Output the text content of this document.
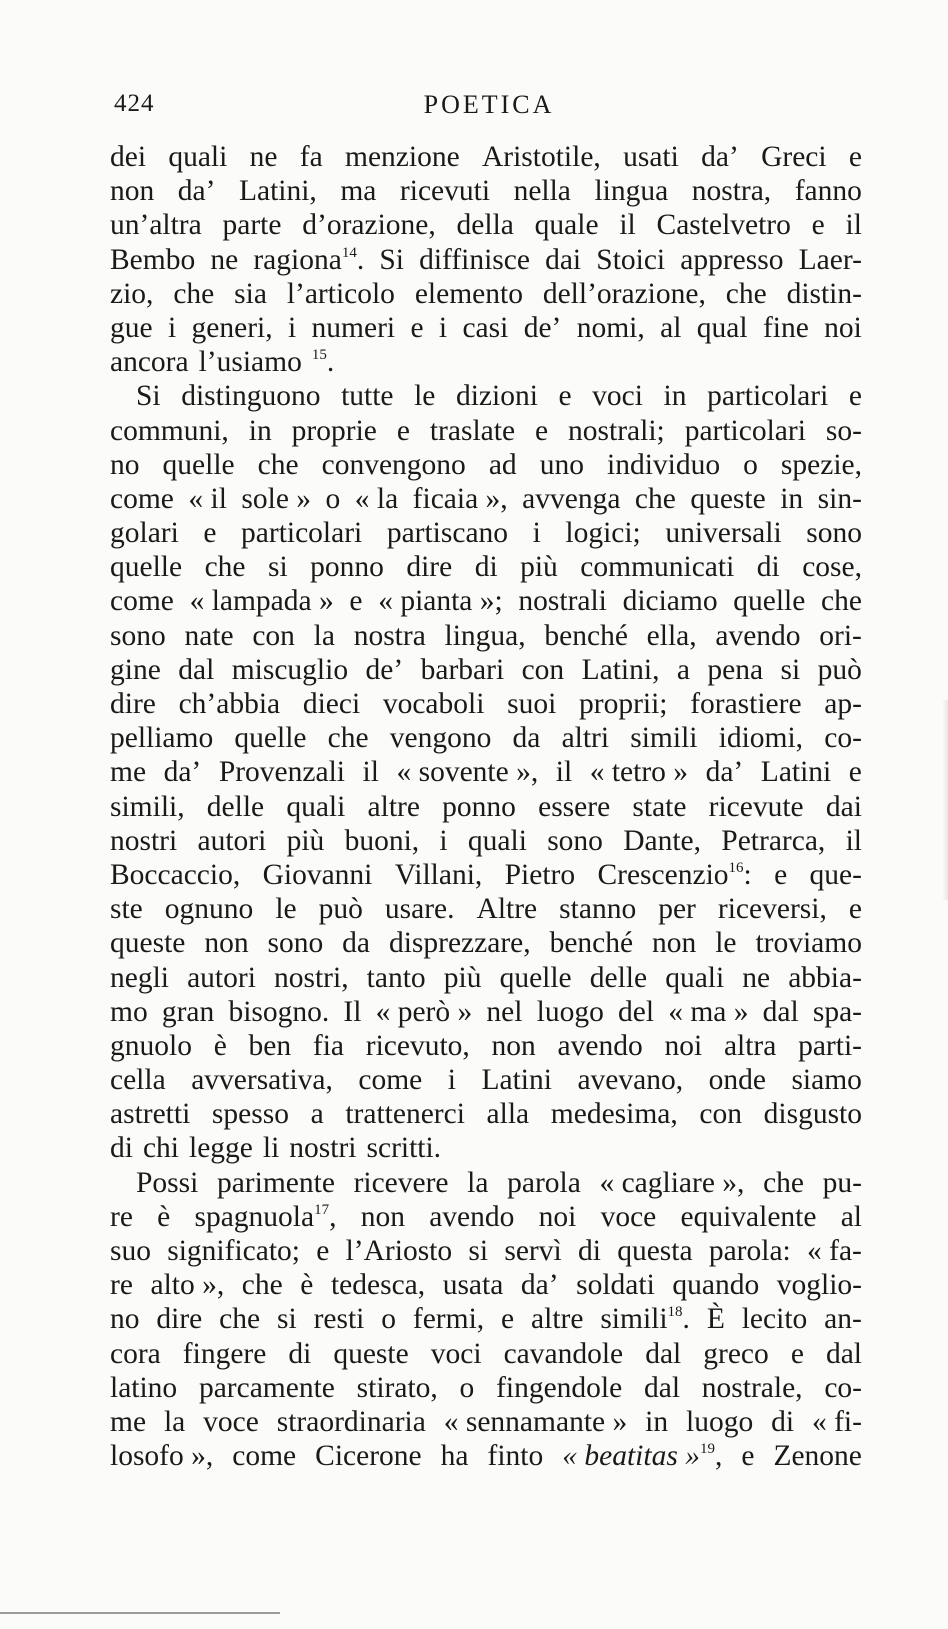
424	POETICA
dei quali ne fa menzione Aristotile, usati da’ Greci e
non da’ Latini, ma ricevuti nella lingua nostra, fanno
un’altra parte d’orazione, della quale il Castelvetro e il
Bembo ne ragiona$^{14}$. Si diffinisce dai Stoici appresso Laer-
zio, che sia l’articolo elemento dell’orazione, che distin-
gue i generi, i numeri e i casi de’ nomi, al qual fine noi
ancora l’usiamo $^{15}$.
Si distinguono tutte le dizioni e voci in particolari e
communi, in proprie e traslate e nostrali; particolari so-
no quelle che convengono ad uno individuo o spezie,
come « il sole » o « la ficaia », avvenga che queste in sin-
golari e particolari partiscano i logici; universali sono
quelle che si ponno dire di più communicati di cose,
come « lampada » e « pianta »; nostrali diciamo quelle che
sono nate con la nostra lingua, benché ella, avendo ori-
gine dal miscuglio de’ barbari con Latini, a pena si può
dire ch’abbia dieci vocaboli suoi proprii; forastiere ap-
pelliamo quelle che vengono da altri simili idiomi, co-
me da’ Provenzali il « sovente », il « tetro » da’ Latini e
simili, delle quali altre ponno essere state ricevute dai
nostri autori più buoni, i quali sono Dante, Petrarca, il
Boccaccio, Giovanni Villani, Pietro Crescenzio$^{16}$: e que-
ste ognuno le può usare. Altre stanno per riceversi, e
queste non sono da disprezzare, benché non le troviamo
negli autori nostri, tanto più quelle delle quali ne abbia-
mo gran bisogno. Il « però » nel luogo del « ma » dal spa-
gnuolo è ben fia ricevuto, non avendo noi altra parti-
cella avversativa, come i Latini avevano, onde siamo
astretti spesso a trattenerci alla medesima, con disgusto
di chi legge li nostri scritti.
Possi parimente ricevere la parola « cagliare », che pu-
re è spagnuola$^{17}$, non avendo noi voce equivalente al
suo significato; e l’Ariosto si servì di questa parola: « fa-
re alto », che è tedesca, usata da’ soldati quando voglio-
no dire che si resti o fermi, e altre simili$^{18}$. È lecito an-
cora fingere di queste voci cavandole dal greco e dal
latino parcamente stirato, o fingendole dal nostrale, co-
me la voce straordinaria « sennamante » in luogo di « fi-
losofo », come Cicerone ha finto « beatitas »$^{19}$, e Zenone
